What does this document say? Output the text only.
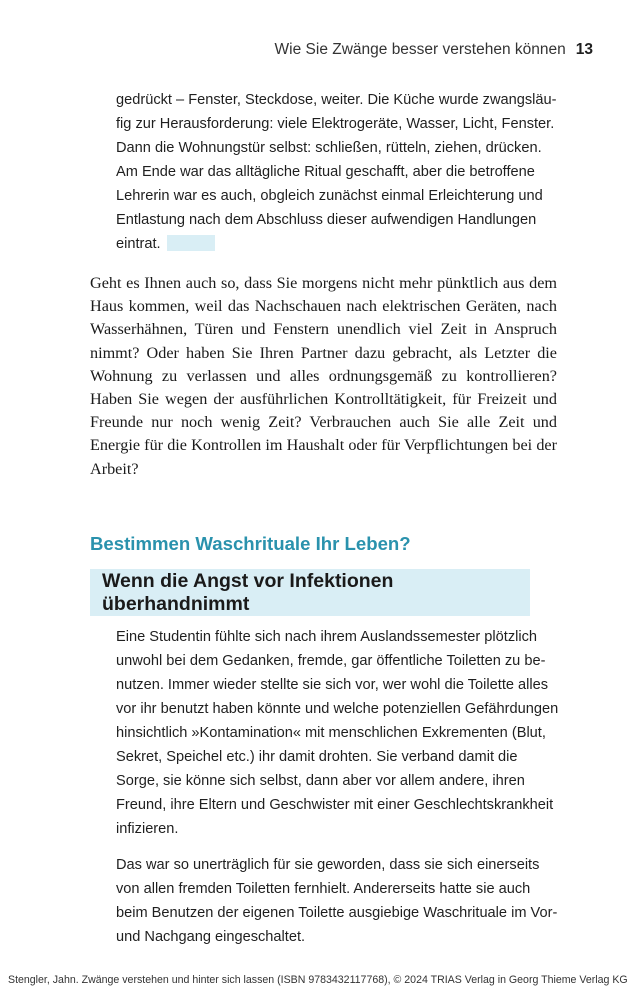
Wie Sie Zwänge besser verstehen können 13

gedrückt – Fenster, Steckdose, weiter. Die Küche wurde zwangsläu-

fig zur Herausforderung: viele Elektrogeräte, Wasser, Licht, Fenster.

Dann die Wohnungstür selbst: schließen, rütteln, ziehen, drücken.

Am Ende war das alltägliche Ritual geschafft, aber die betroffene

Lehrerin war es auch, obgleich zunächst einmal Erleichterung und

Entlastung nach dem Abschluss dieser aufwendigen Handlungen

eintrat.

Geht es Ihnen auch so, dass Sie morgens nicht mehr pünktlich aus dem Haus kommen, weil das Nachschauen nach elektrischen Geräten, nach Wasserhähnen, Türen und Fenstern unendlich viel Zeit in Anspruch nimmt? Oder haben Sie Ihren Partner dazu gebracht, als Letzter die Wohnung zu verlassen und alles ordnungsgemäß zu kontrollieren? Haben Sie wegen der ausführlichen Kontrolltätigkeit, für Freizeit und Freunde nur noch wenig Zeit? Verbrauchen auch Sie alle Zeit und Energie für die Kontrollen im Haushalt oder für Verpflichtungen bei der Arbeit?

Bestimmen Waschrituale Ihr Leben?
Wenn die Angst vor Infektionen überhandnimmt

Eine Studentin fühlte sich nach ihrem Auslandssemester plötzlich unwohl bei dem Gedanken, fremde, gar öffentliche Toiletten zu benutzen. Immer wieder stellte sie sich vor, wer wohl die Toilette alles vor ihr benutzt haben könnte und welche potenziellen Gefährdungen hinsichtlich »Kontamination« mit menschlichen Exkrementen (Blut, Sekret, Speichel etc.) ihr damit drohten. Sie verband damit die Sorge, sie könne sich selbst, dann aber vor allem andere, ihren Freund, ihre Eltern und Geschwister mit einer Geschlechtskrankheit infizieren.

Das war so unerträglich für sie geworden, dass sie sich einerseits von allen fremden Toiletten fernhielt. Andererseits hatte sie auch beim Benutzen der eigenen Toilette ausgiebige Waschrituale im Vor- und Nachgang eingeschaltet.

Stengler, Jahn. Zwänge verstehen und hinter sich lassen (ISBN 9783432117768), © 2024 TRIAS Verlag in Georg Thieme Verlag KG
